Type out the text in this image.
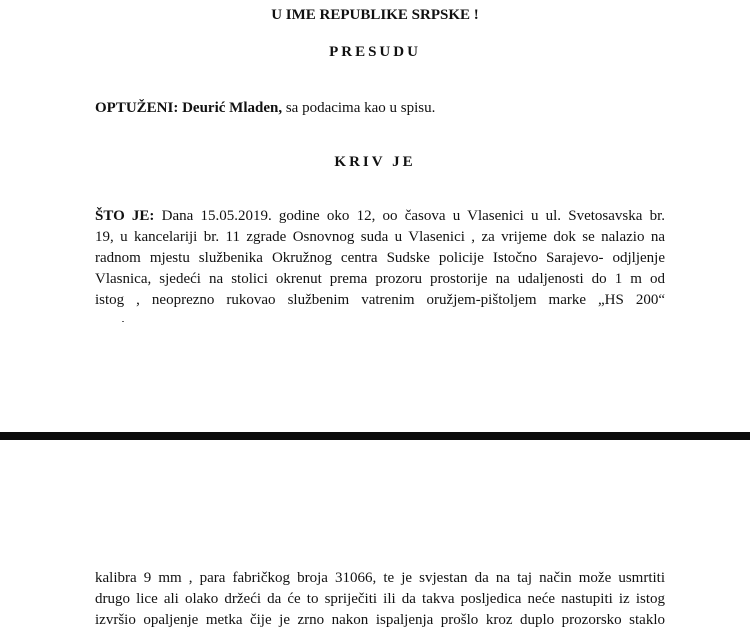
U IME REPUBLIKE SRPSKE !
PRESUDU
OPTUŽENI: Deurić Mladen, sa podacima kao u spisu.
KRIV JE
ŠTO JE: Dana 15.05.2019. godine oko 12, oo časova u Vlasenici u ul. Svetosavska br.
19, u kancelariji br. 11 zgrade Osnovnog suda u Vlasenici , za vrijeme dok se nalazio na
radnom mjestu službenika Okružnog centra Sudske policije Istočno Sarajevo- odjljenje
Vlasnica, sjedeći na stolici okrenut prema prozoru prostorije na udaljenosti do 1 m od
istog , neoprezno rukovao službenim vatrenim oružjem-pištoljem marke „HS 200“
kalibra 9 mm , para fabričkog broja 31066, te je svjestan da na taj način može usmrtiti
drugo lice ali olako držeći da će to spriječiti ili da takva posljedica neće nastupiti iz istog
izvršio opaljenje metka čije je zrno nakon ispaljenja prošlo kroz duplo prozorsko staklo
